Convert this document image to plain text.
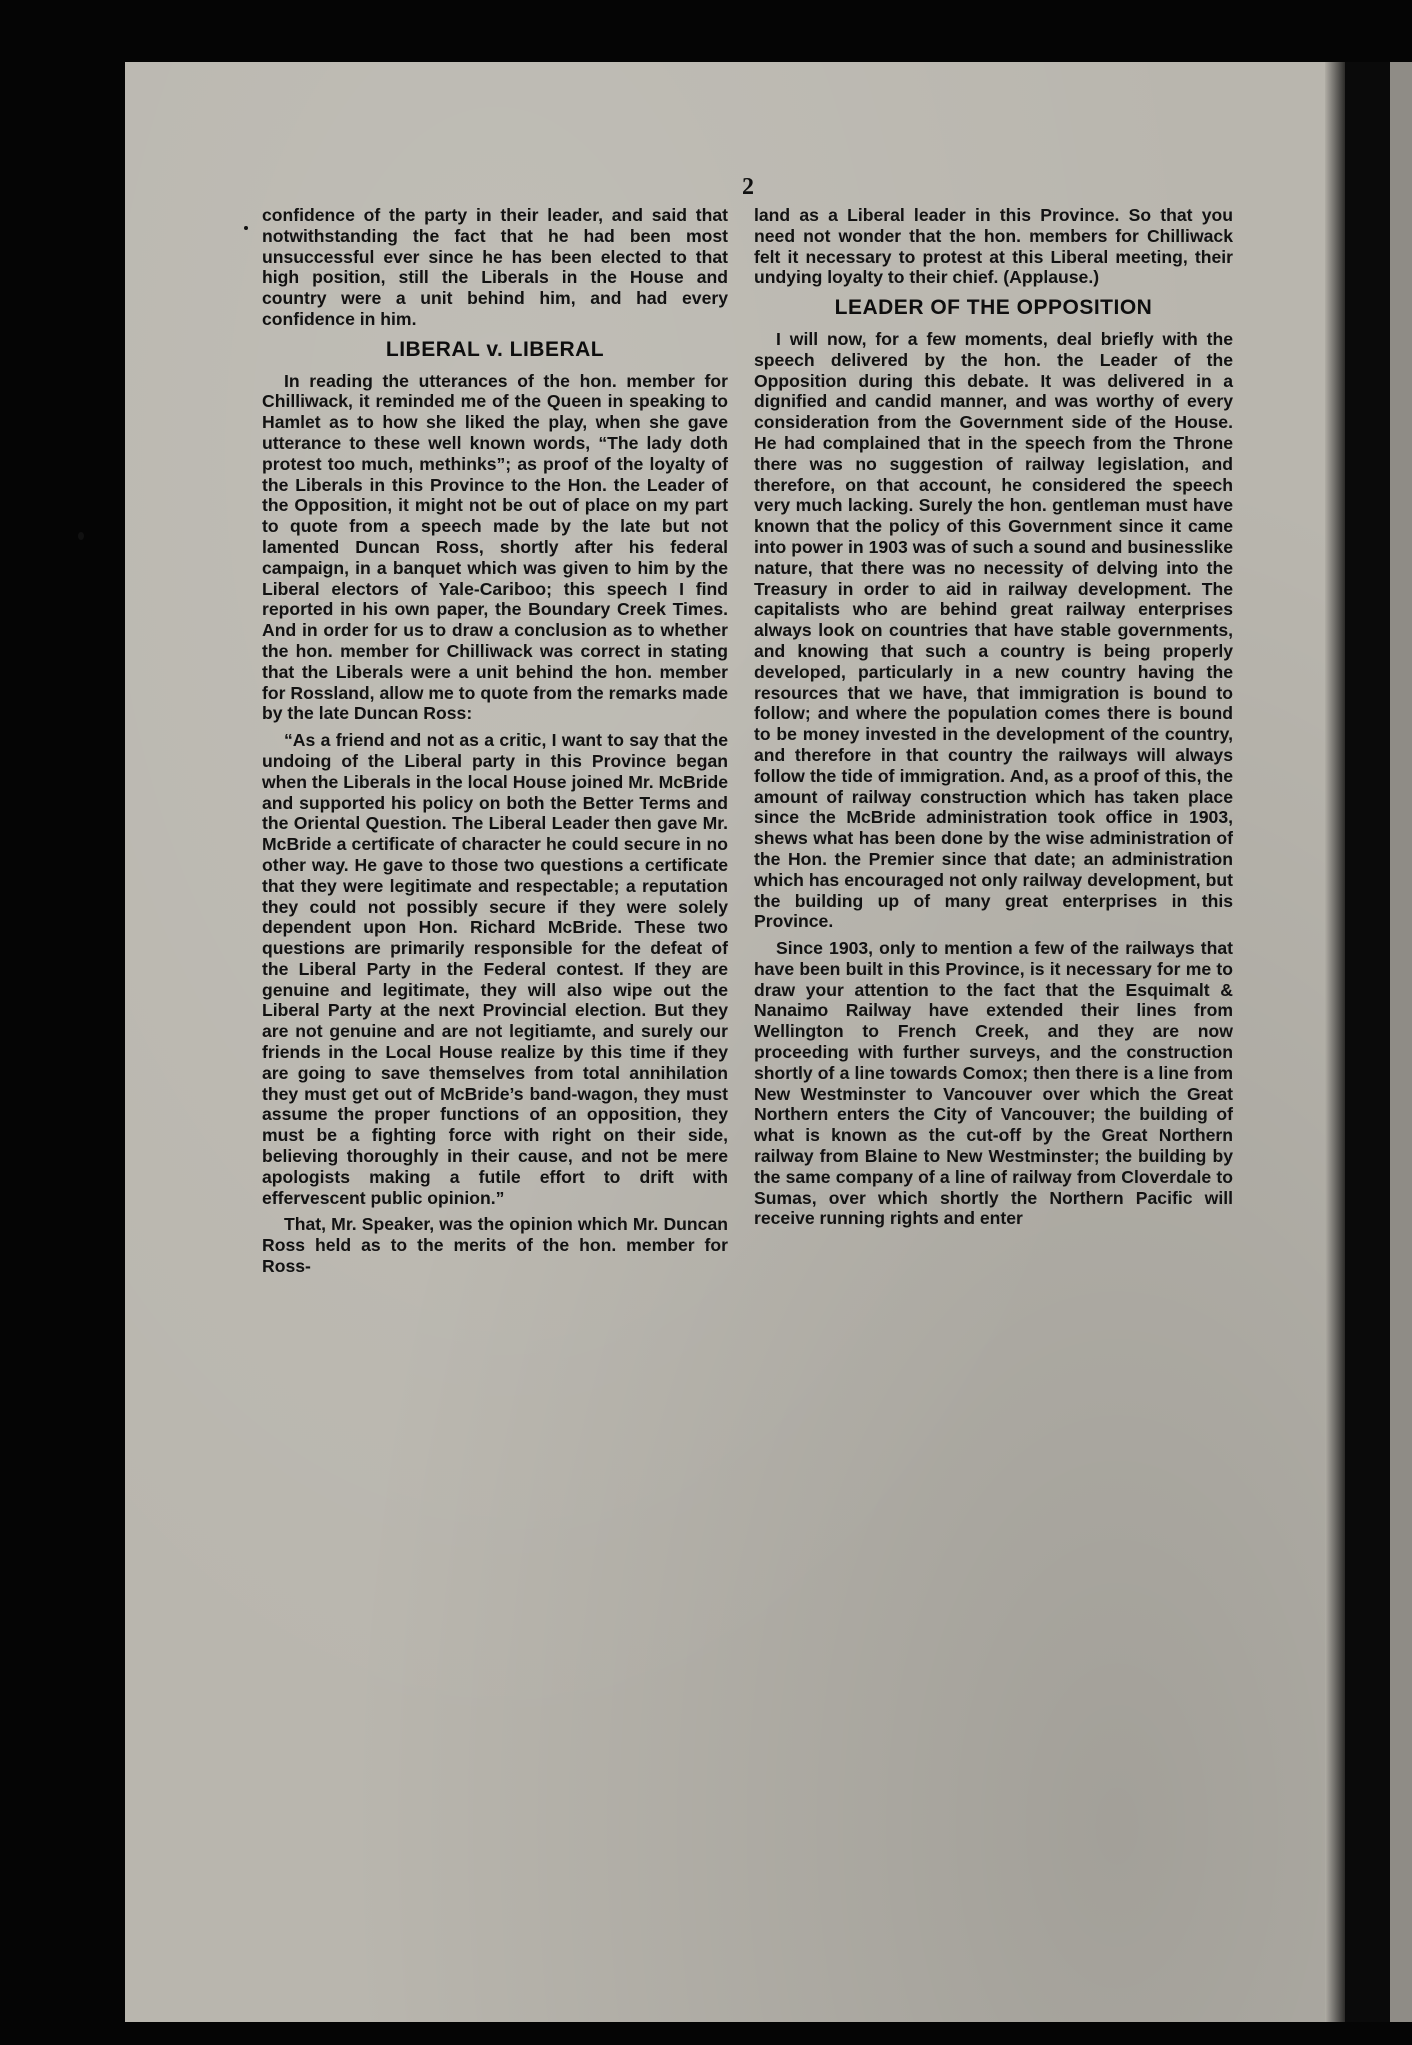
2

confidence of the party in their leader, and said that notwithstanding the fact that he had been most unsuccessful ever since he has been elected to that high position, still the Liberals in the House and country were a unit behind him, and had every confidence in him.

LIBERAL v. LIBERAL

In reading the utterances of the hon. member for Chilliwack, it reminded me of the Queen in speaking to Hamlet as to how she liked the play, when she gave utterance to these well known words, “The lady doth protest too much, methinks”; as proof of the loyalty of the Liberals in this Province to the Hon. the Leader of the Opposition, it might not be out of place on my part to quote from a speech made by the late but not lamented Duncan Ross, shortly after his federal campaign, in a banquet which was given to him by the Liberal electors of Yale-Cariboo; this speech I find reported in his own paper, the Boundary Creek Times. And in order for us to draw a conclusion as to whether the hon. member for Chilliwack was correct in stating that the Liberals were a unit behind the hon. member for Rossland, allow me to quote from the remarks made by the late Duncan Ross:

“As a friend and not as a critic, I want to say that the undoing of the Liberal party in this Province began when the Liberals in the local House joined Mr. McBride and supported his policy on both the Better Terms and the Oriental Question. The Liberal Leader then gave Mr. McBride a certificate of character he could secure in no other way. He gave to those two questions a certificate that they were legitimate and respectable; a reputation they could not possibly secure if they were solely dependent upon Hon. Richard McBride. These two questions are primarily responsible for the defeat of the Liberal Party in the Federal contest. If they are genuine and legitimate, they will also wipe out the Liberal Party at the next Provincial election. But they are not genuine and are not legitiamte, and surely our friends in the Local House realize by this time if they are going to save themselves from total annihilation they must get out of McBride’s band-wagon, they must assume the proper functions of an opposition, they must be a fighting force with right on their side, believing thoroughly in their cause, and not be mere apologists making a futile effort to drift with effervescent public opinion.”

That, Mr. Speaker, was the opinion which Mr. Duncan Ross held as to the merits of the hon. member for Ross-

land as a Liberal leader in this Province. So that you need not wonder that the hon. members for Chilliwack felt it necessary to protest at this Liberal meeting, their undying loyalty to their chief. (Applause.)

LEADER OF THE OPPOSITION

I will now, for a few moments, deal briefly with the speech delivered by the hon. the Leader of the Opposition during this debate. It was delivered in a dignified and candid manner, and was worthy of every consideration from the Government side of the House. He had complained that in the speech from the Throne there was no suggestion of railway legislation, and therefore, on that account, he considered the speech very much lacking. Surely the hon. gentleman must have known that the policy of this Government since it came into power in 1903 was of such a sound and businesslike nature, that there was no necessity of delving into the Treasury in order to aid in railway development. The capitalists who are behind great railway enterprises always look on countries that have stable governments, and knowing that such a country is being properly developed, particularly in a new country having the resources that we have, that immigration is bound to follow; and where the population comes there is bound to be money invested in the development of the country, and therefore in that country the railways will always follow the tide of immigration. And, as a proof of this, the amount of railway construction which has taken place since the McBride administration took office in 1903, shews what has been done by the wise administration of the Hon. the Premier since that date; an administration which has encouraged not only railway development, but the building up of many great enterprises in this Province.

Since 1903, only to mention a few of the railways that have been built in this Province, is it necessary for me to draw your attention to the fact that the Esquimalt & Nanaimo Railway have extended their lines from Wellington to French Creek, and they are now proceeding with further surveys, and the construction shortly of a line towards Comox; then there is a line from New Westminster to Vancouver over which the Great Northern enters the City of Vancouver; the building of what is known as the cut-off by the Great Northern railway from Blaine to New Westminster; the building by the same company of a line of railway from Cloverdale to Sumas, over which shortly the Northern Pacific will receive running rights and enter
